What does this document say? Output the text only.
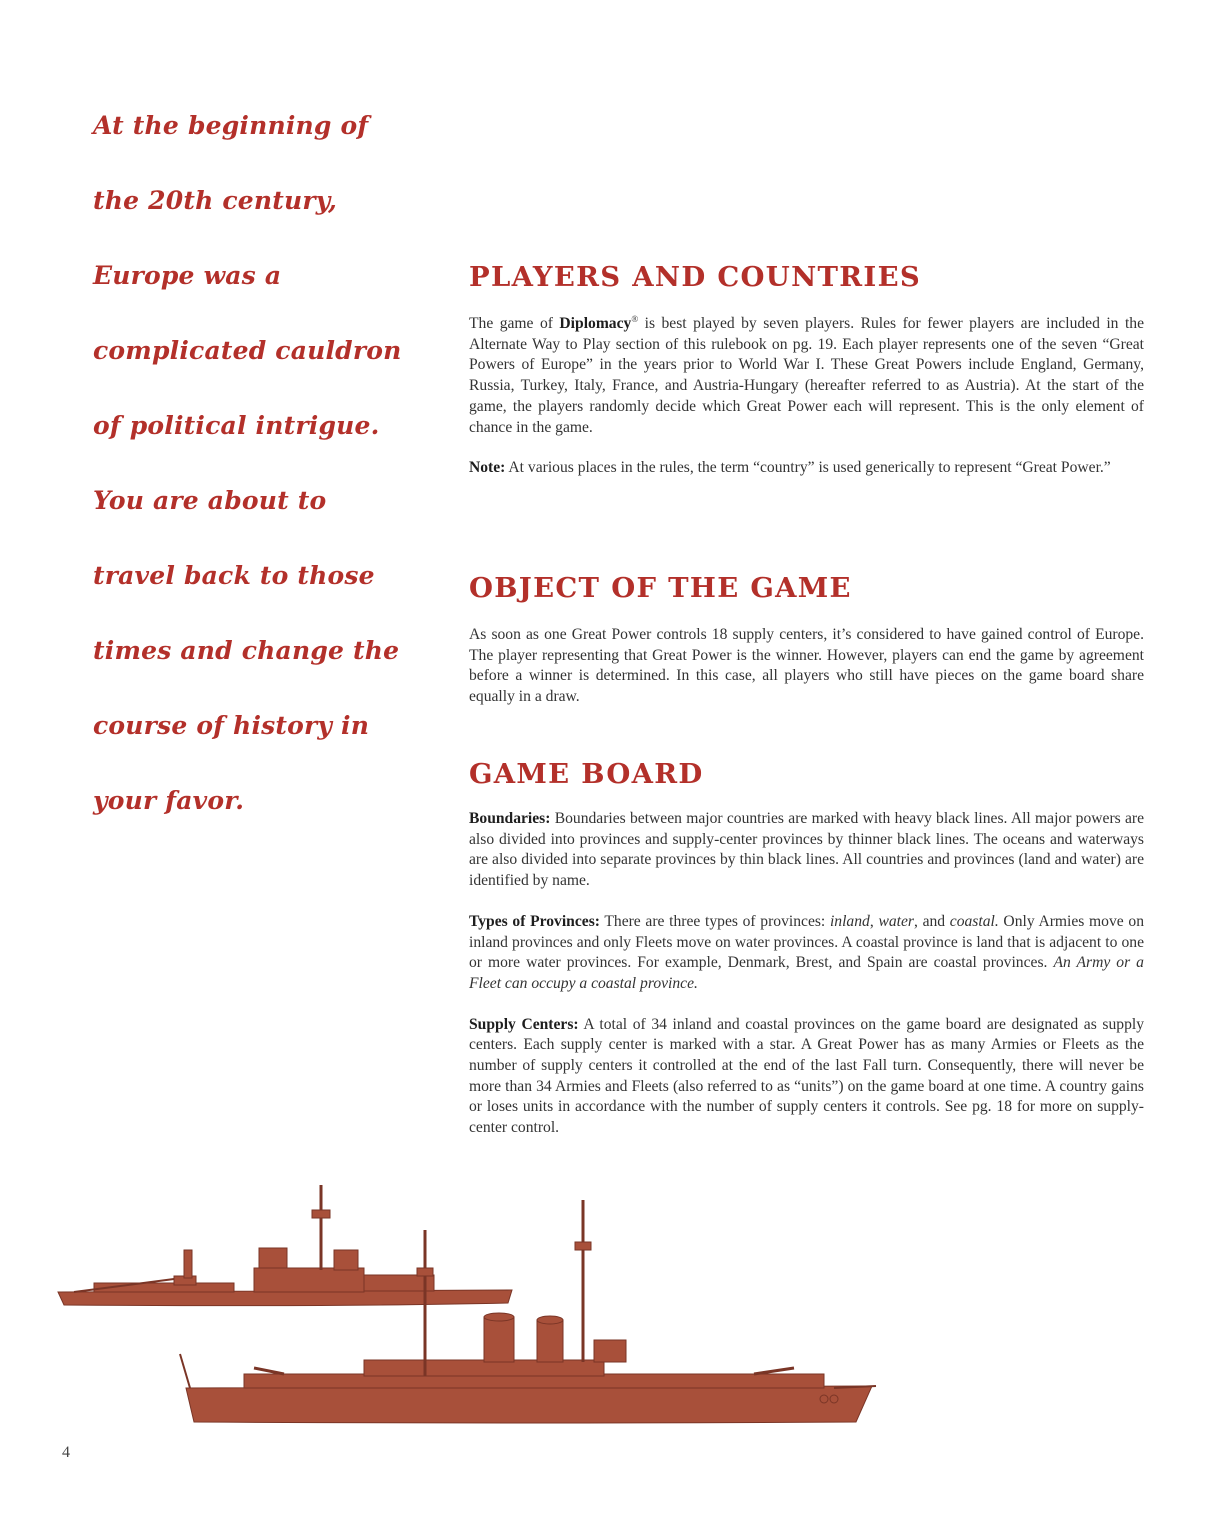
At the beginning of
the 20th century,
Europe was a
complicated cauldron
of political intrigue.
You are about to
travel back to those
times and change the
course of history in
your favor.
PLAYERS AND COUNTRIES

The game of Diplomacy® is best played by seven players. Rules for fewer players are included in the Alternate Way to Play section of this rulebook on pg. 19. Each player represents one of the seven “Great Powers of Europe” in the years prior to World War I. These Great Powers include England, Germany, Russia, Turkey, Italy, France, and Austria-Hungary (hereafter referred to as Austria). At the start of the game, the players randomly decide which Great Power each will represent. This is the only element of chance in the game.

Note: At various places in the rules, the term “country” is used generically to represent “Great Power.”

OBJECT OF THE GAME

As soon as one Great Power controls 18 supply centers, it’s considered to have gained control of Europe. The player representing that Great Power is the winner. However, players can end the game by agreement before a winner is determined. In this case, all players who still have pieces on the game board share equally in a draw.

GAME BOARD

Boundaries: Boundaries between major countries are marked with heavy black lines. All major powers are also divided into provinces and supply-center provinces by thinner black lines. The oceans and waterways are also divided into separate provinces by thin black lines. All countries and provinces (land and water) are identified by name.

Types of Provinces: There are three types of provinces: inland, water, and coastal. Only Armies move on inland provinces and only Fleets move on water provinces. A coastal province is land that is adjacent to one or more water provinces. For example, Denmark, Brest, and Spain are coastal provinces. An Army or a Fleet can occupy a coastal province.

Supply Centers: A total of 34 inland and coastal provinces on the game board are designated as supply centers. Each supply center is marked with a star. A Great Power has as many Armies or Fleets as the number of supply centers it controlled at the end of the last Fall turn. Consequently, there will never be more than 34 Armies and Fleets (also referred to as “units”) on the game board at one time. A country gains or loses units in accordance with the number of supply centers it controls. See pg. 18 for more on supply-center control.

4
